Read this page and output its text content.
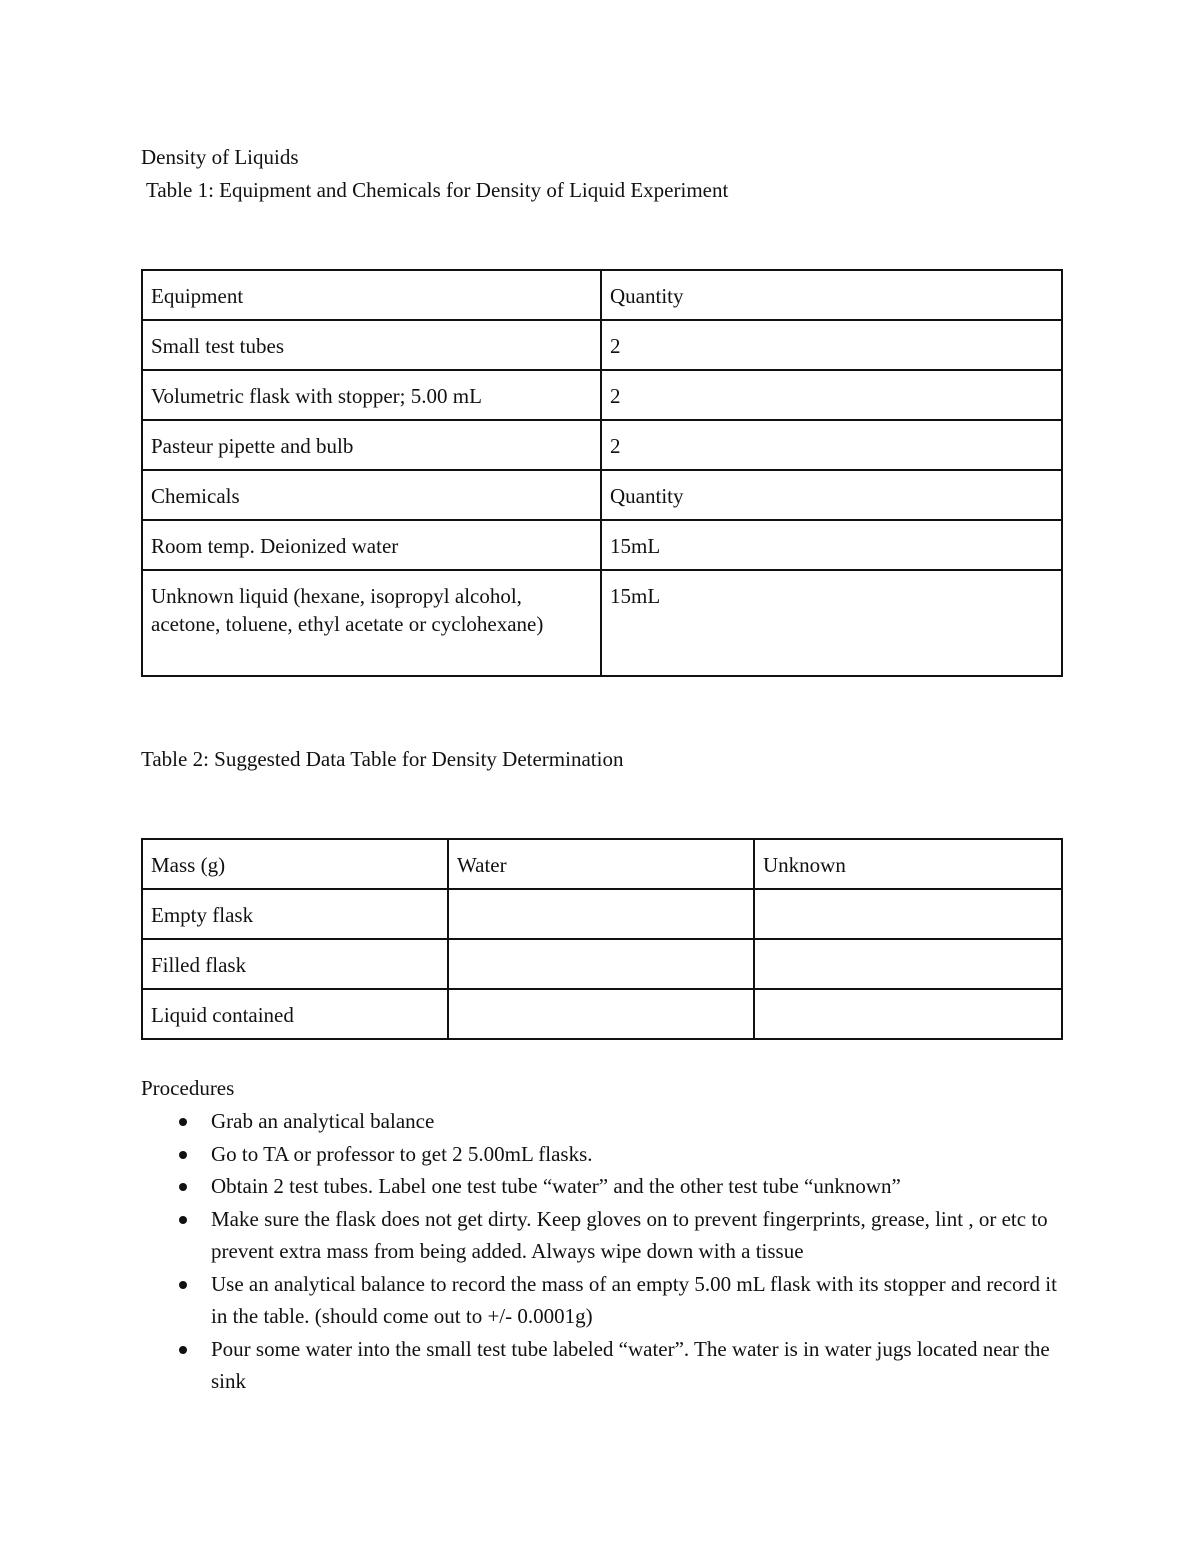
Density of Liquids
Table 1: Equipment and Chemicals for Density of Liquid Experiment
Equipment	Quantity
Small test tubes	2
Volumetric flask with stopper; 5.00 mL	2
Pasteur pipette and bulb	2
Chemicals	Quantity
Room temp. Deionized water	15mL
Unknown liquid (hexane, isopropyl alcohol, acetone, toluene, ethyl acetate or cyclohexane)	15mL
Table 2: Suggested Data Table for Density Determination
Mass (g)	Water	Unknown
Empty flask		
Filled flask		
Liquid contained		
Procedures
Grab an analytical balance
Go to TA or professor to get 2 5.00mL flasks.
Obtain 2 test tubes. Label one test tube “water” and the other test tube “unknown”
Make sure the flask does not get dirty. Keep gloves on to prevent fingerprints, grease, lint , or etc to prevent extra mass from being added. Always wipe down with a tissue
Use an analytical balance to record the mass of an empty 5.00 mL flask with its stopper and record it in the table. (should come out to +/- 0.0001g)
Pour some water into the small test tube labeled “water”. The water is in water jugs located near the sink
